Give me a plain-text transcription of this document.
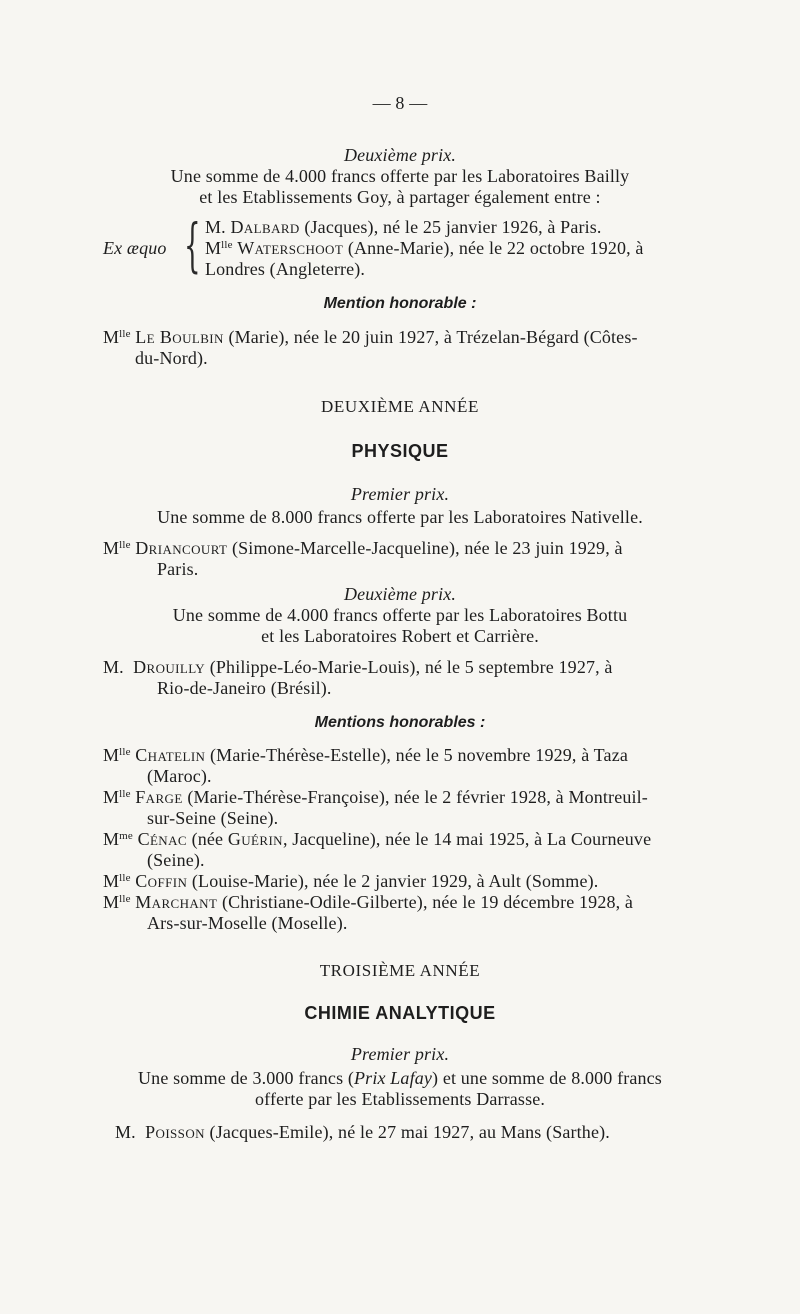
— 8 —
Deuxième prix.
Une somme de 4.000 francs offerte par les Laboratoires Bailly
et les Etablissements Goy, à partager également entre :
Ex æquo { M. Dalbard (Jacques), né le 25 janvier 1926, à Paris.
$M^{lle}$ Waterschoot (Anne-Marie), née le 22 octobre 1920, à
Londres (Angleterre).
Mention honorable :
$M^{lle}$ Le Boulbin (Marie), née le 20 juin 1927, à Trézelan-Bégard (Côtes-
du-Nord).
DEUXIÈME ANNÉE
PHYSIQUE
Premier prix.
Une somme de 8.000 francs offerte par les Laboratoires Nativelle.
$M^{lle}$ Driancourt (Simone-Marcelle-Jacqueline), née le 23 juin 1929, à
Paris.
Deuxième prix.
Une somme de 4.000 francs offerte par les Laboratoires Bottu
et les Laboratoires Robert et Carrière.
M. Drouilly (Philippe-Léo-Marie-Louis), né le 5 septembre 1927, à
Rio-de-Janeiro (Brésil).
Mentions honorables :
$M^{lle}$ Chatelin (Marie-Thérèse-Estelle), née le 5 novembre 1929, à Taza
(Maroc).
$M^{lle}$ Farge (Marie-Thérèse-Françoise), née le 2 février 1928, à Montreuil-
sur-Seine (Seine).
$M^{me}$ Cénac (née Guérin, Jacqueline), née le 14 mai 1925, à La Courneuve
(Seine).
$M^{lle}$ Coffin (Louise-Marie), née le 2 janvier 1929, à Ault (Somme).
$M^{lle}$ Marchant (Christiane-Odile-Gilberte), née le 19 décembre 1928, à
Ars-sur-Moselle (Moselle).
TROISIÈME ANNÉE
CHIMIE ANALYTIQUE
Premier prix.
Une somme de 3.000 francs (Prix Lafay) et une somme de 8.000 francs
offerte par les Etablissements Darrasse.
M. Poisson (Jacques-Emile), né le 27 mai 1927, au Mans (Sarthe).
